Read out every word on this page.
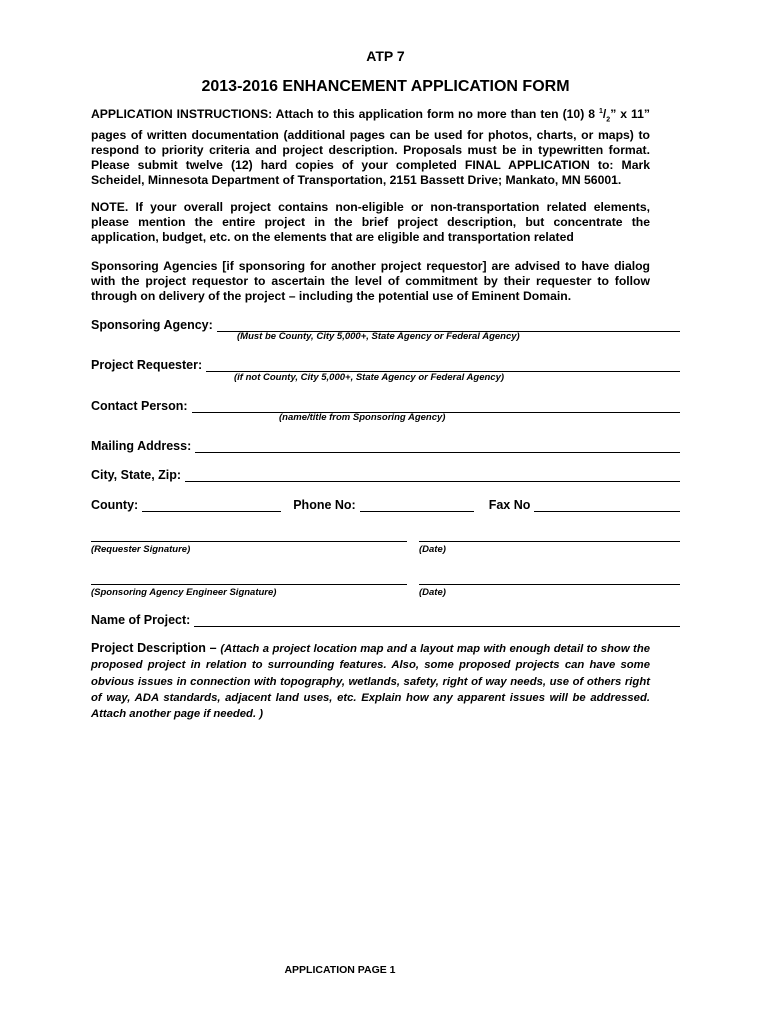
ATP 7
2013-2016 ENHANCEMENT APPLICATION FORM
APPLICATION INSTRUCTIONS: Attach to this application form no more than ten (10) 8 $^1/_2$” x 11” pages of written documentation (additional pages can be used for photos, charts, or maps) to respond to priority criteria and project description. Proposals must be in typewritten format. Please submit twelve (12) hard copies of your completed FINAL APPLICATION to: Mark Scheidel, Minnesota Department of Transportation, 2151 Bassett Drive; Mankato, MN 56001.
NOTE. If your overall project contains non-eligible or non-transportation related elements, please mention the entire project in the brief project description, but concentrate the application, budget, etc. on the elements that are eligible and transportation related
Sponsoring Agencies [if sponsoring for another project requestor] are advised to have dialog with the project requestor to ascertain the level of commitment by their requester to follow through on delivery of the project – including the potential use of Eminent Domain.
Sponsoring Agency:
(Must be County, City 5,000+, State Agency or Federal Agency)
Project Requester:
(if not County, City 5,000+, State Agency or Federal Agency)
Contact Person:
(name/title from Sponsoring Agency)
Mailing Address:
City, State, Zip:
County:	Phone No:	Fax No
(Requester Signature)	(Date)
(Sponsoring Agency Engineer Signature)	(Date)
Name of Project:
Project Description – (Attach a project location map and a layout map with enough detail to show the proposed project in relation to surrounding features. Also, some proposed projects can have some obvious issues in connection with topography, wetlands, safety, right of way needs, use of others right of way, ADA standards, adjacent land uses, etc. Explain how any apparent issues will be addressed. Attach another page if needed. )
APPLICATION PAGE 1
